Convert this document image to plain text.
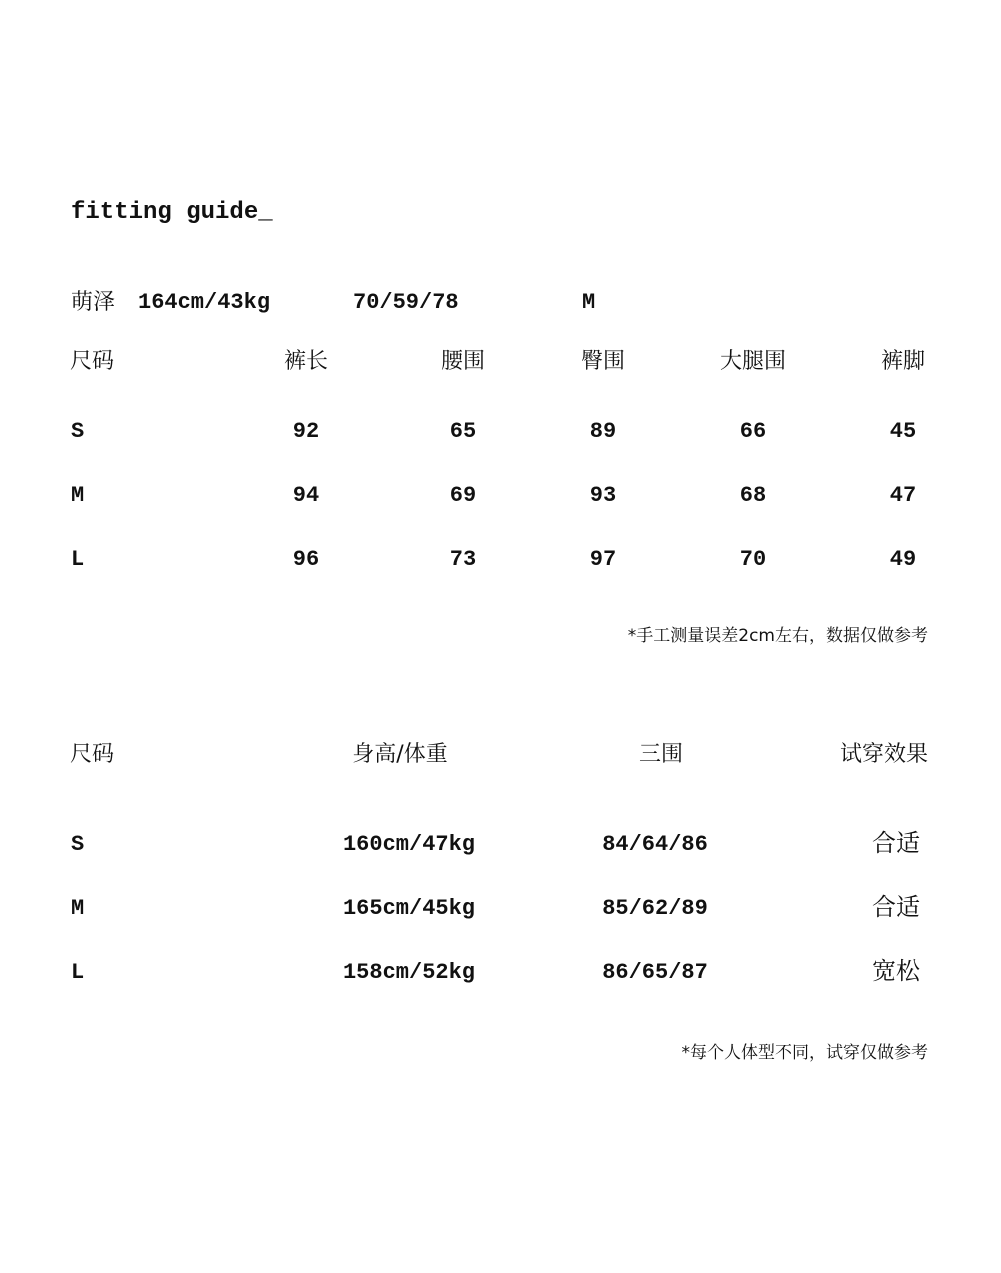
fitting guide_
萌泽 164cm/43kg	70/59/78	M
尺码	裤长	腰围	臀围	大腿围	裤脚
S	92	65	89	66	45
M	94	69	93	68	47
L	96	73	97	70	49
*手工测量误差2cm左右，数据仅做参考
尺码	身高/体重	三围	试穿效果
S	160cm/47kg	84/64/86	合适
M	165cm/45kg	85/62/89	合适
L	158cm/52kg	86/65/87	宽松
*每个人体型不同，试穿仅做参考
